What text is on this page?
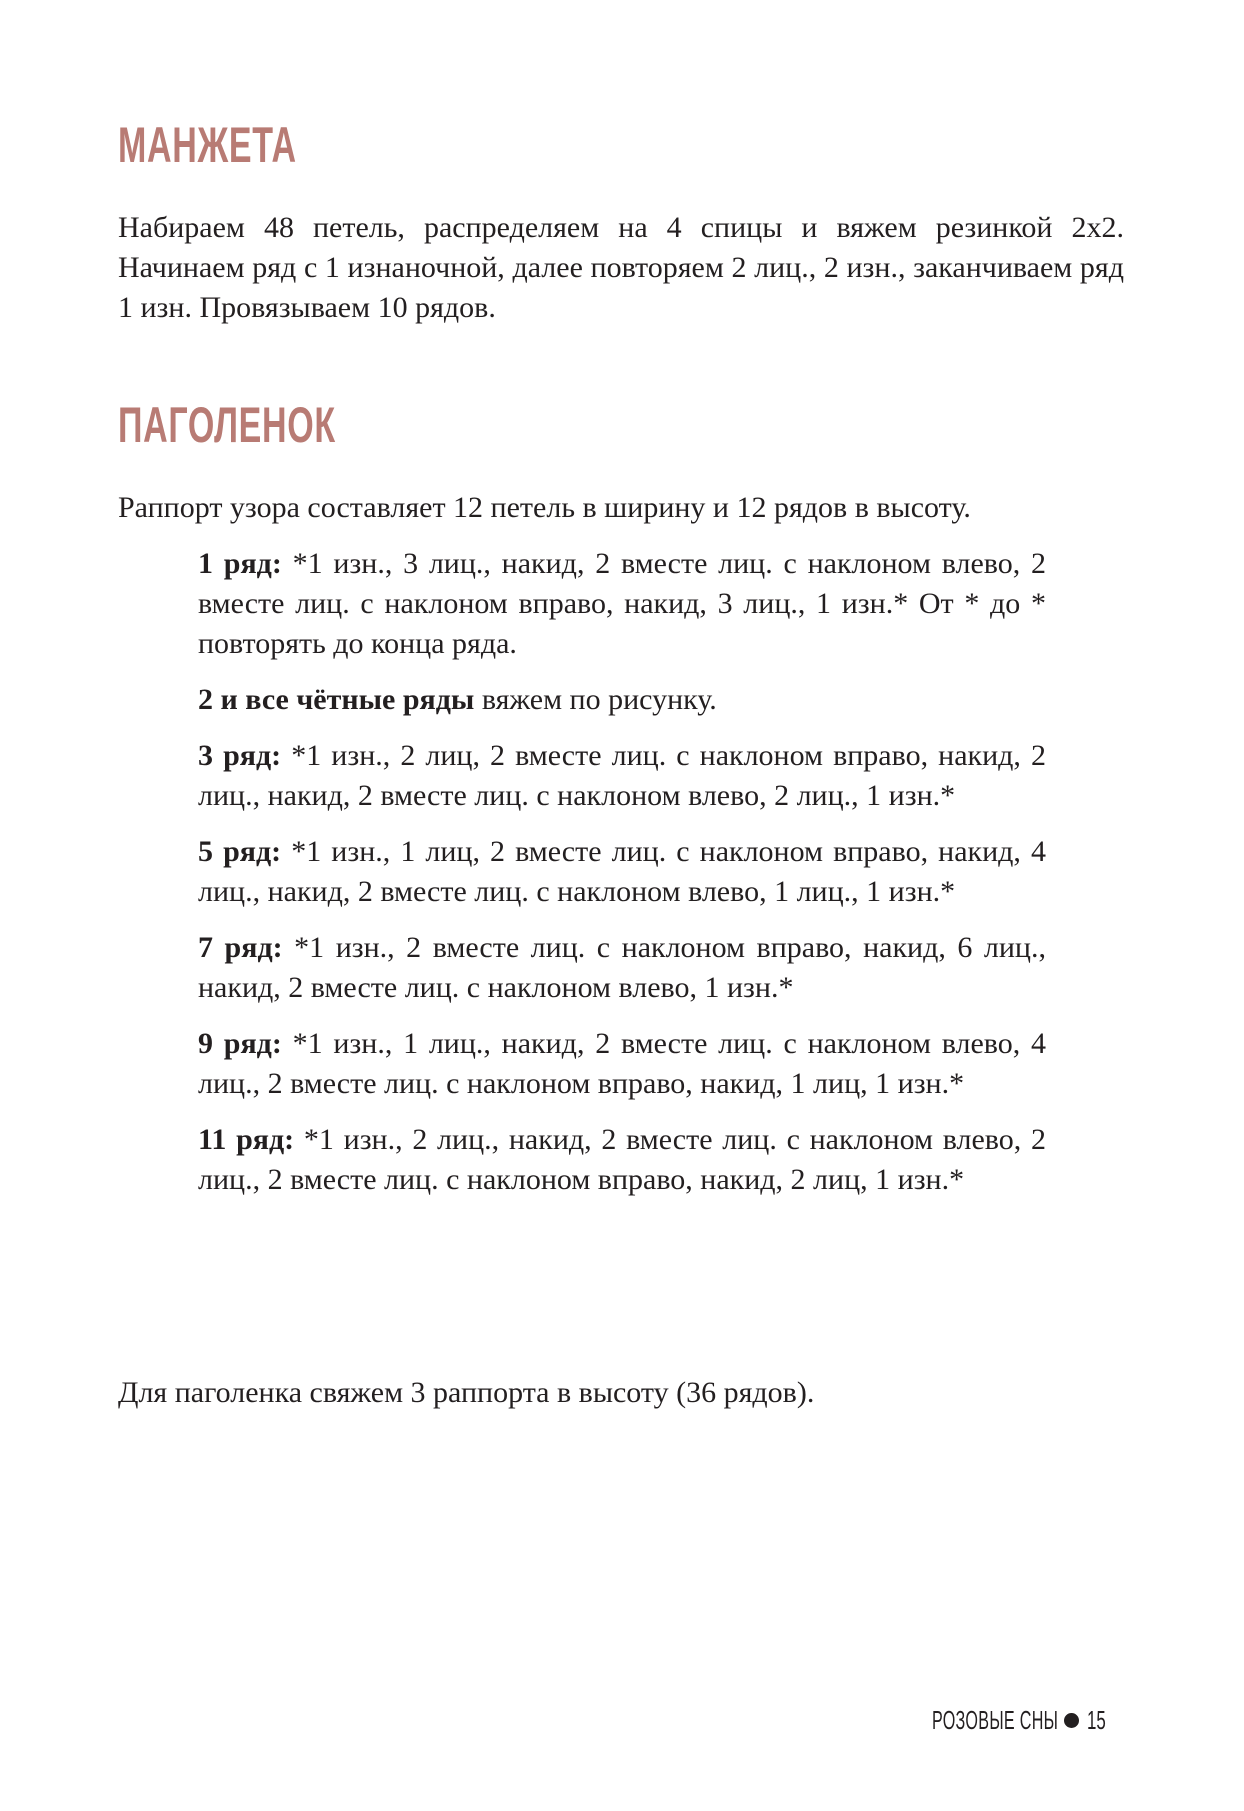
МАНЖЕТА

Набираем 48 петель, распределяем на 4 спицы и вяжем резинкой 2х2. Начинаем ряд с 1 изнаночной, далее повторяем 2 лиц., 2 изн., заканчиваем ряд 1 изн. Провязываем 10 рядов.

ПАГОЛЕНОК

Раппорт узора составляет 12 петель в ширину и 12 рядов в высоту.

1 ряд: *1 изн., 3 лиц., накид, 2 вместе лиц. с наклоном влево, 2 вместе лиц. с наклоном вправо, накид, 3 лиц., 1 изн.* От * до * повторять до конца ряда.

2 и все чётные ряды вяжем по рисунку.

3 ряд: *1 изн., 2 лиц, 2 вместе лиц. с наклоном вправо, накид, 2 лиц., накид, 2 вместе лиц. с наклоном влево, 2 лиц., 1 изн.*

5 ряд: *1 изн., 1 лиц, 2 вместе лиц. с наклоном вправо, накид, 4 лиц., накид, 2 вместе лиц. с наклоном влево, 1 лиц., 1 изн.*

7 ряд: *1 изн., 2 вместе лиц. с наклоном вправо, накид, 6 лиц., накид, 2 вместе лиц. с наклоном влево, 1 изн.*

9 ряд: *1 изн., 1 лиц., накид, 2 вместе лиц. с наклоном влево, 4 лиц., 2 вместе лиц. с наклоном вправо, накид, 1 лиц, 1 изн.*

11 ряд: *1 изн., 2 лиц., накид, 2 вместе лиц. с наклоном влево, 2 лиц., 2 вместе лиц. с наклоном вправо, накид, 2 лиц, 1 изн.*

Для паголенка свяжем 3 раппорта в высоту (36 рядов).

РОЗОВЫЕ СНЫ 15
